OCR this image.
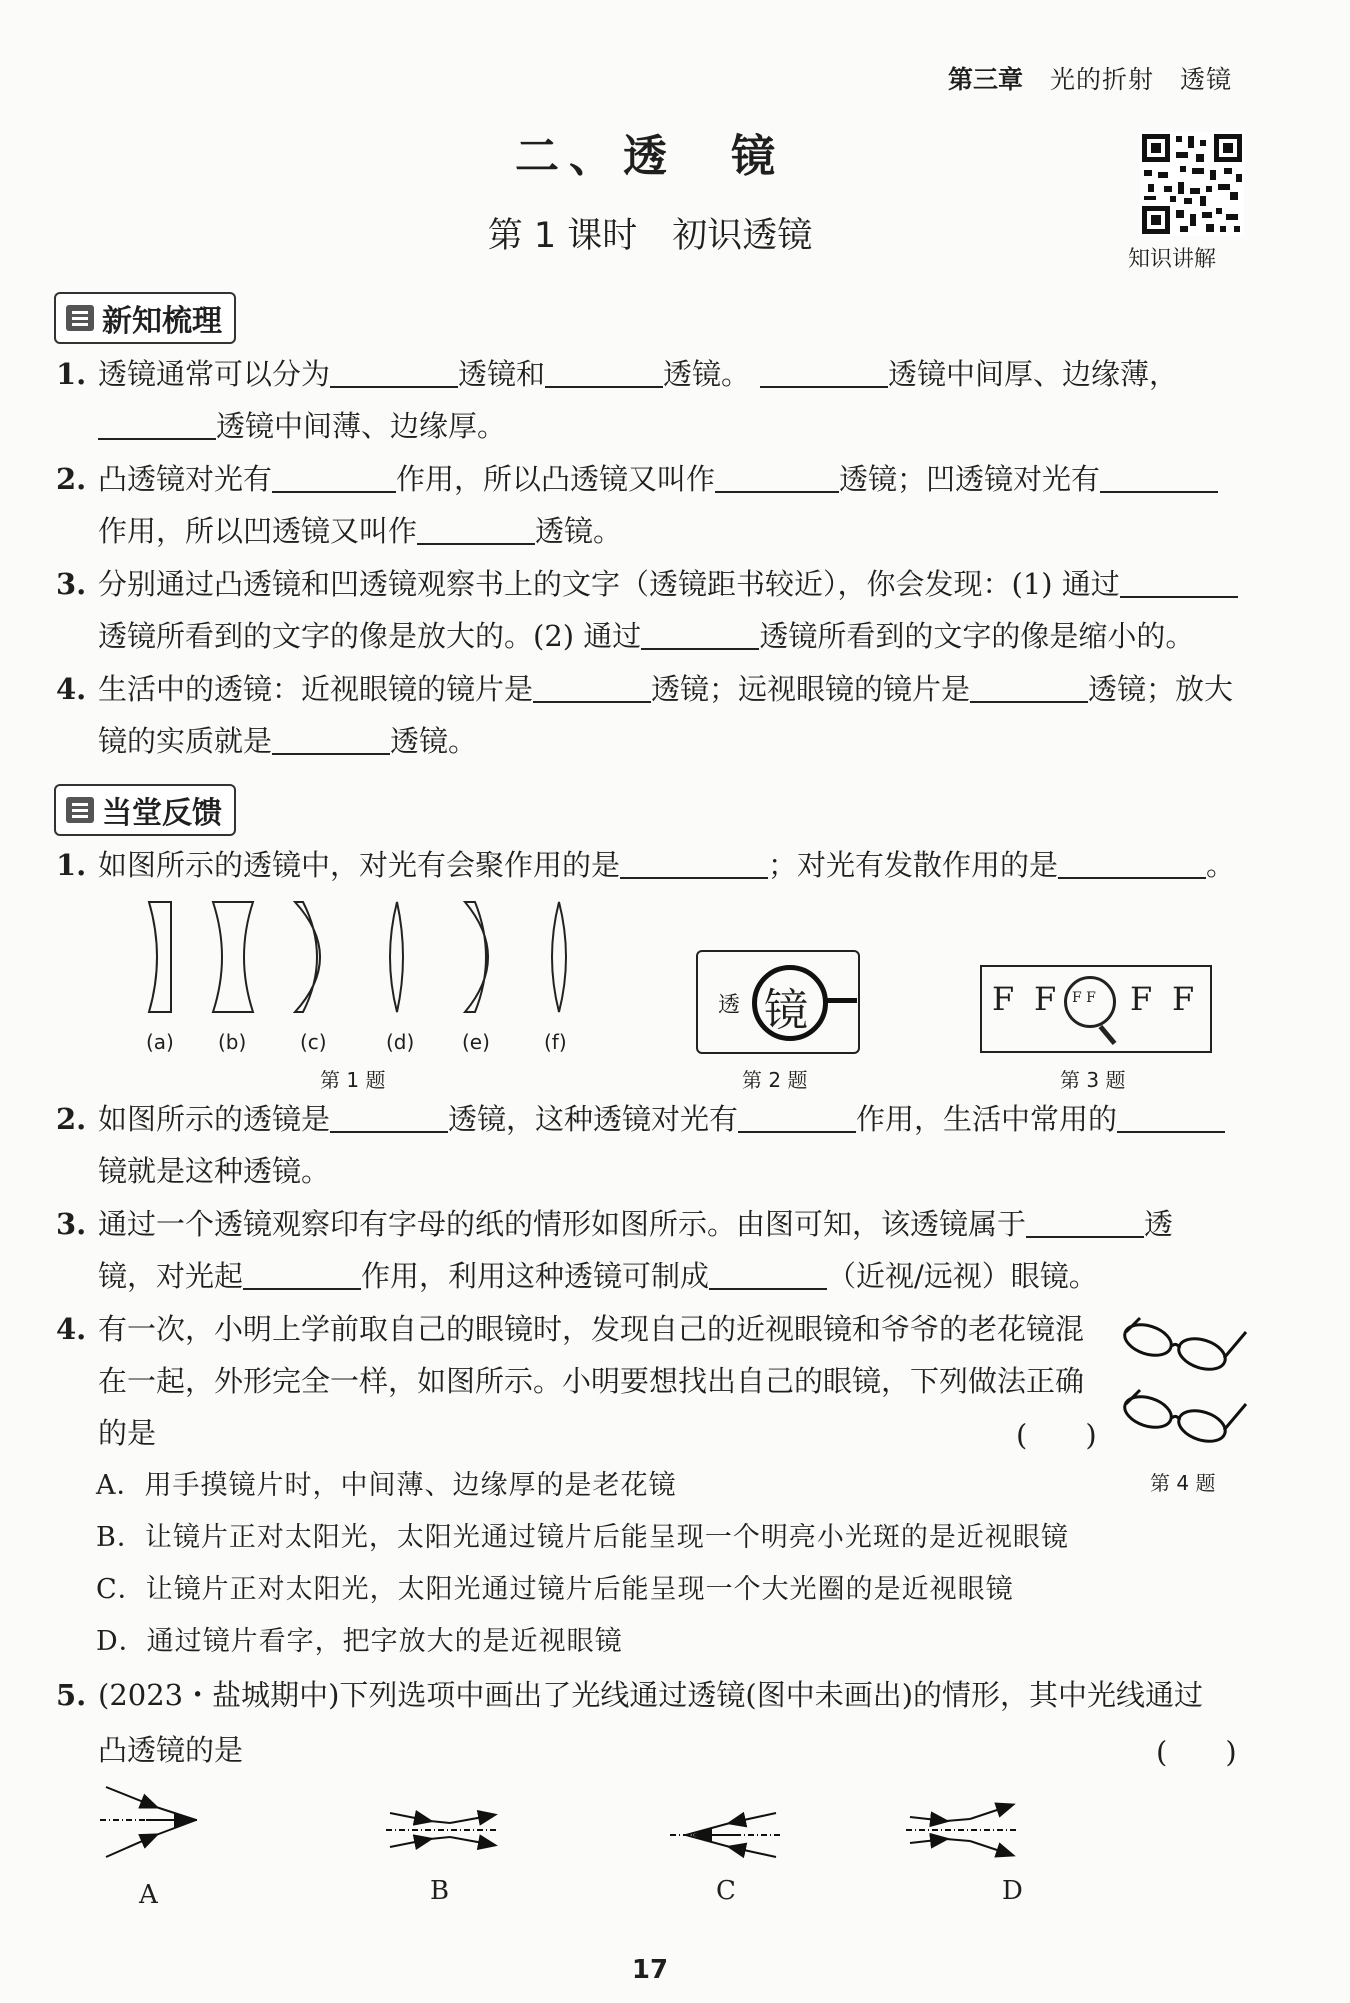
第三章 光的折射　透镜
二、透　镜
第 1 课时　初识透镜
知识讲解
新知梳理
1. 透镜通常可以分为	透镜和	透镜。	透镜中间厚、边缘薄，
透镜中间薄、边缘厚。
2. 凸透镜对光有	作用，所以凸透镜又叫作	透镜；凹透镜对光有
作用，所以凹透镜又叫作	透镜。
3. 分别通过凸透镜和凹透镜观察书上的文字（透镜距书较近），你会发现：(1) 通过
透镜所看到的文字的像是放大的。(2) 通过	透镜所看到的文字的像是缩小的。
4. 生活中的透镜：近视眼镜的镜片是	透镜；远视眼镜的镜片是	透镜；放大
镜的实质就是	透镜。
当堂反馈
1. 如图所示的透镜中，对光有会聚作用的是	；对光有发散作用的是	。
(a) (b)	(c)	(d) (e)	(f)
第 1 题
透 镜
第 2 题
F F F F F F
第 3 题
2. 如图所示的透镜是	透镜，这种透镜对光有	作用，生活中常用的
镜就是这种透镜。
3. 通过一个透镜观察印有字母的纸的情形如图所示。由图可知，该透镜属于	透
镜，对光起	作用，利用这种透镜可制成	（近视/远视）眼镜。
4. 有一次，小明上学前取自己的眼镜时，发现自己的近视眼镜和爷爷的老花镜混
在一起，外形完全一样，如图所示。小明要想找出自己的眼镜，下列做法正确
的是	(　　)
第 4 题
A．用手摸镜片时，中间薄、边缘厚的是老花镜
B．让镜片正对太阳光，太阳光通过镜片后能呈现一个明亮小光斑的是近视眼镜
C．让镜片正对太阳光，太阳光通过镜片后能呈现一个大光圈的是近视眼镜
D．通过镜片看字，把字放大的是近视眼镜
5. (2023・盐城期中)下列选项中画出了光线通过透镜(图中未画出)的情形，其中光线通过
凸透镜的是	(　　)
A	B	C	D
17
